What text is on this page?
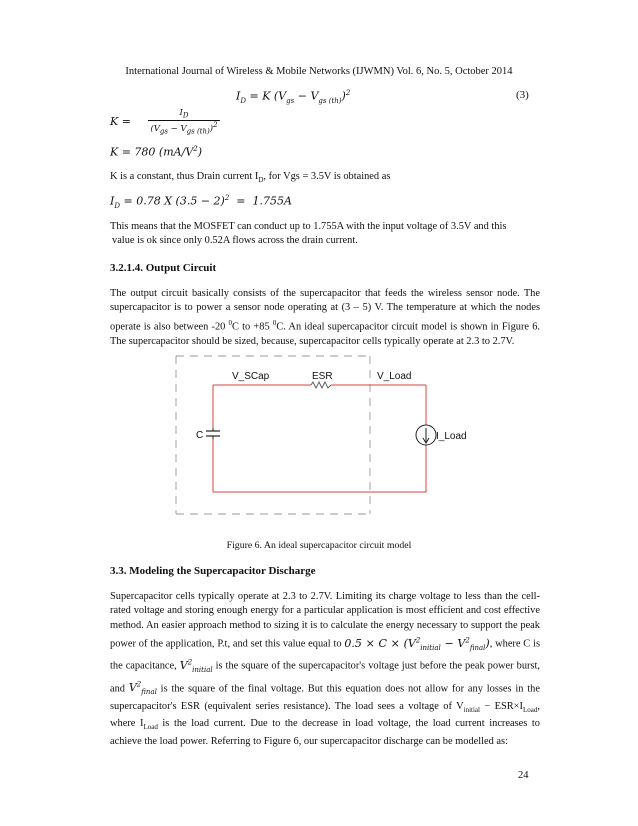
International Journal of Wireless & Mobile Networks (IJWMN) Vol. 6, No. 5, October 2014
$I_D = K$ $(V_{gs} - V_{gs (th)})^2$	(3)
$K = \frac{I_D}{(V_{gs} - V_{gs (th)})^2}$
K = 780 $(mA/V^2)$
K is a constant, thus Drain current $I_D$, for Vgs = 3.5V is obtained as
$I_D = 0.78$ X $(3.5 - 2)^2 = 1.755A$
This means that the MOSFET can conduct up to 1.755A with the input voltage of 3.5V and this
value is ok since only 0.52A flows across the drain current.
3.2.1.4. Output Circuit
The output circuit basically consists of the supercapacitor that feeds the wireless sensor node. The supercapacitor is to power a sensor node operating at (3 – 5) V. The temperature at which the nodes operate is also between -20 $^0$C to +85 $^0$C. An ideal supercapacitor circuit model is shown in Figure 6. The supercapacitor should be sized, because, supercapacitor cells typically operate at 2.3 to 2.7V.
V_SCap	ESR	V_Load
C	I_Load
Figure 6. An ideal supercapacitor circuit model
3.3. Modeling the Supercapacitor Discharge
Supercapacitor cells typically operate at 2.3 to 2.7V. Limiting its charge voltage to less than the cell-rated voltage and storing enough energy for a particular application is most efficient and cost effective method. An easier approach method to sizing it is to calculate the energy necessary to support the peak power of the application, P.t, and set this value equal to $0.5 \times C \times (V^2_{initial} - V^2_{final})$, where C is the capacitance, $V^2_{initial}$ is the square of the supercapacitor's voltage just before the peak power burst, and $V^2_{final}$ is the square of the final voltage. But this equation does not allow for any losses in the supercapacitor's ESR (equivalent series resistance). The load sees a voltage of $V_{initial} - ESR\times I_{Load}$, where $I_{Load}$ is the load current. Due to the decrease in load voltage, the load current increases to achieve the load power. Referring to Figure 6, our supercapacitor discharge can be modelled as:
24
